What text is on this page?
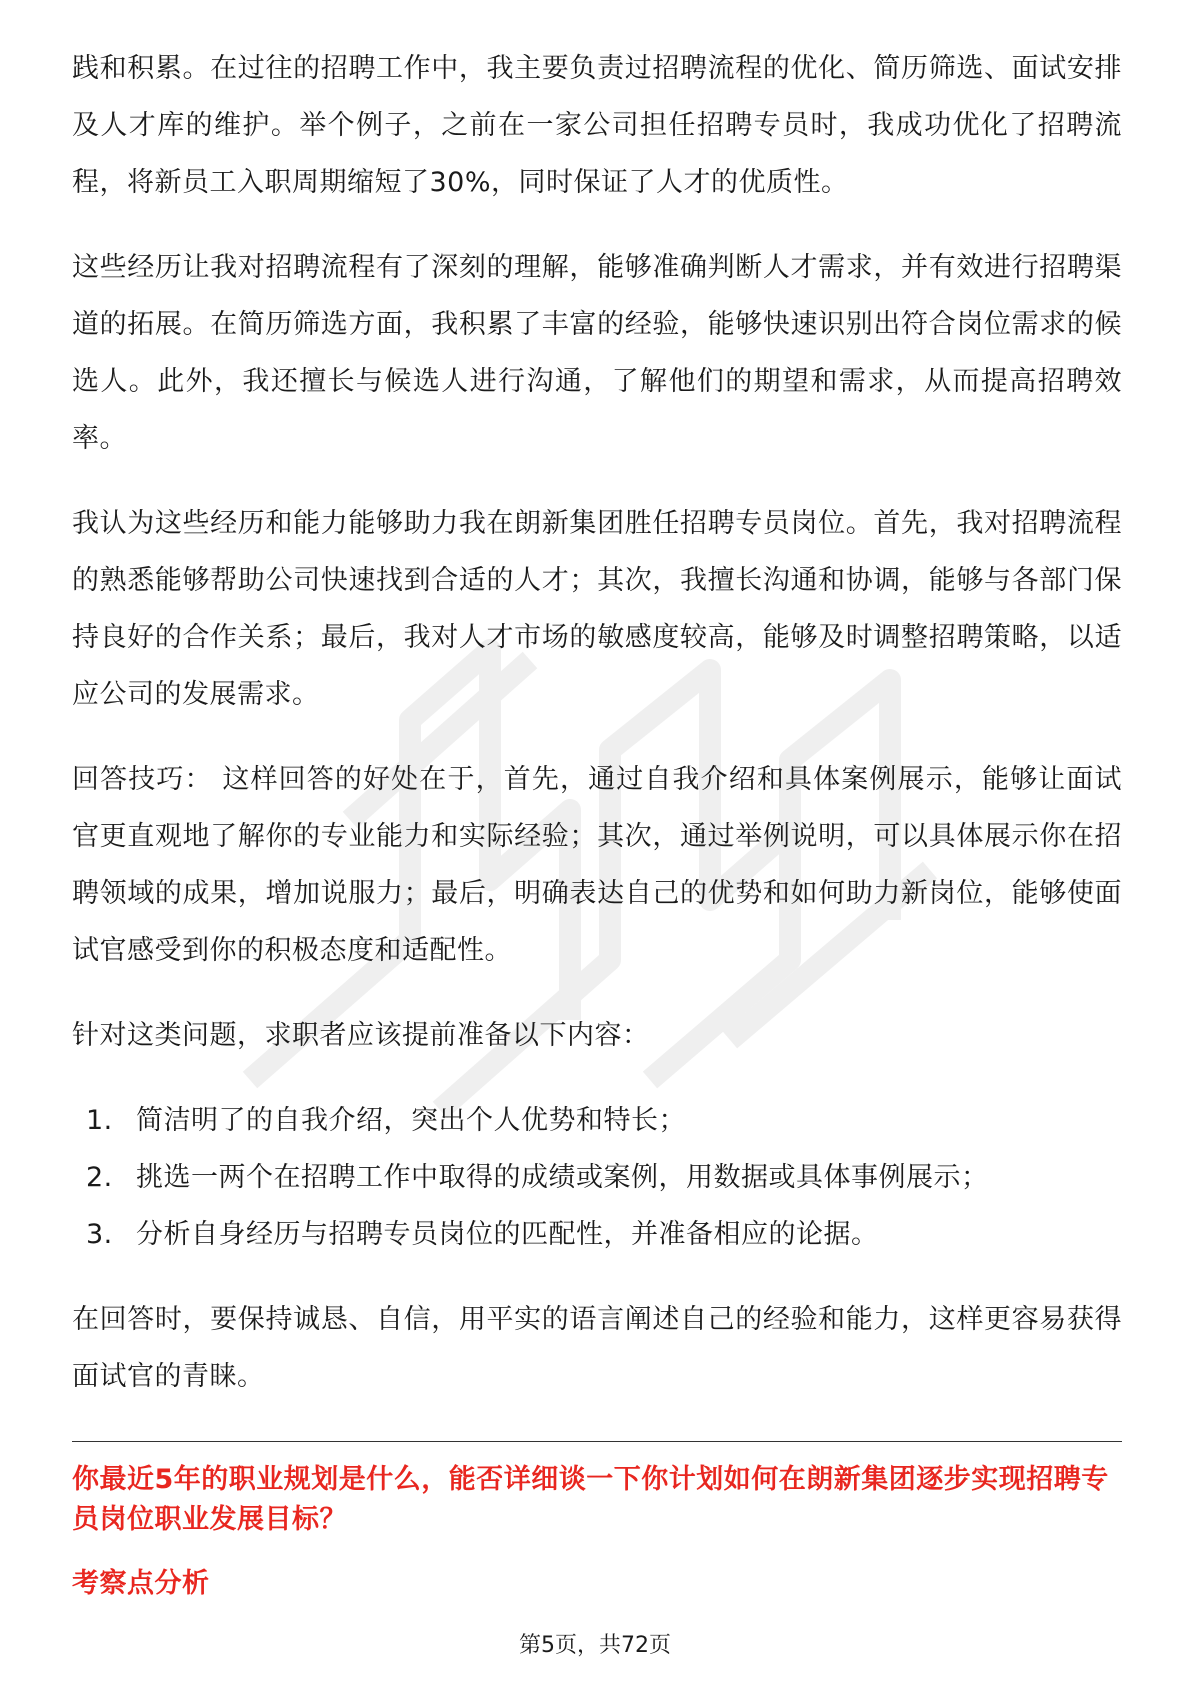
践和积累。在过往的招聘工作中，我主要负责过招聘流程的优化、简历筛选、面试安排及人才库的维护。举个例子，之前在一家公司担任招聘专员时，我成功优化了招聘流程，将新员工入职周期缩短了30%，同时保证了人才的优质性。

这些经历让我对招聘流程有了深刻的理解，能够准确判断人才需求，并有效进行招聘渠道的拓展。在简历筛选方面，我积累了丰富的经验，能够快速识别出符合岗位需求的候选人。此外，我还擅长与候选人进行沟通，了解他们的期望和需求，从而提高招聘效率。

我认为这些经历和能力能够助力我在朗新集团胜任招聘专员岗位。首先，我对招聘流程的熟悉能够帮助公司快速找到合适的人才；其次，我擅长沟通和协调，能够与各部门保持良好的合作关系；最后，我对人才市场的敏感度较高，能够及时调整招聘策略，以适应公司的发展需求。

回答技巧： 这样回答的好处在于，首先，通过自我介绍和具体案例展示，能够让面试官更直观地了解你的专业能力和实际经验；其次，通过举例说明，可以具体展示你在招聘领域的成果，增加说服力；最后，明确表达自己的优势和如何助力新岗位，能够使面试官感受到你的积极态度和适配性。

针对这类问题，求职者应该提前准备以下内容：

1. 简洁明了的自我介绍，突出个人优势和特长；
2. 挑选一两个在招聘工作中取得的成绩或案例，用数据或具体事例展示；
3. 分析自身经历与招聘专员岗位的匹配性，并准备相应的论据。

在回答时，要保持诚恳、自信，用平实的语言阐述自己的经验和能力，这样更容易获得面试官的青睐。

你最近5年的职业规划是什么，能否详细谈一下你计划如何在朗新集团逐步实现招聘专员岗位职业发展目标？

考察点分析

第5页，共72页
